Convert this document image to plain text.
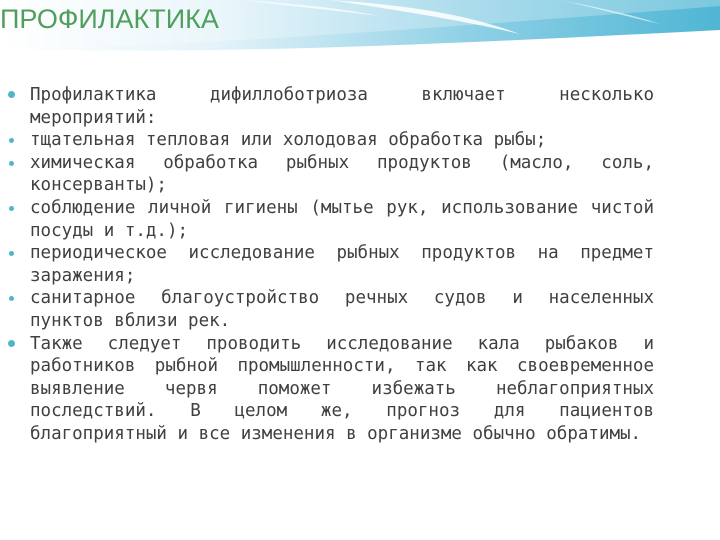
ПРОФИЛАКТИКА
Профилактика дифиллоботриоза включает несколько мероприятий:
тщательная тепловая или холодовая обработка рыбы;
химическая обработка рыбных продуктов (масло, соль, консерванты);
соблюдение личной гигиены (мытье рук, использование чистой посуды и т.д.);
периодическое исследование рыбных продуктов на предмет заражения;
санитарное благоустройство речных судов и населенных пунктов вблизи рек.
Также следует проводить исследование кала рыбаков и работников рыбной промышленности, так как своевременное выявление червя поможет избежать неблагоприятных последствий. В целом же, прогноз для пациентов благоприятный и все изменения в организме обычно обратимы.
